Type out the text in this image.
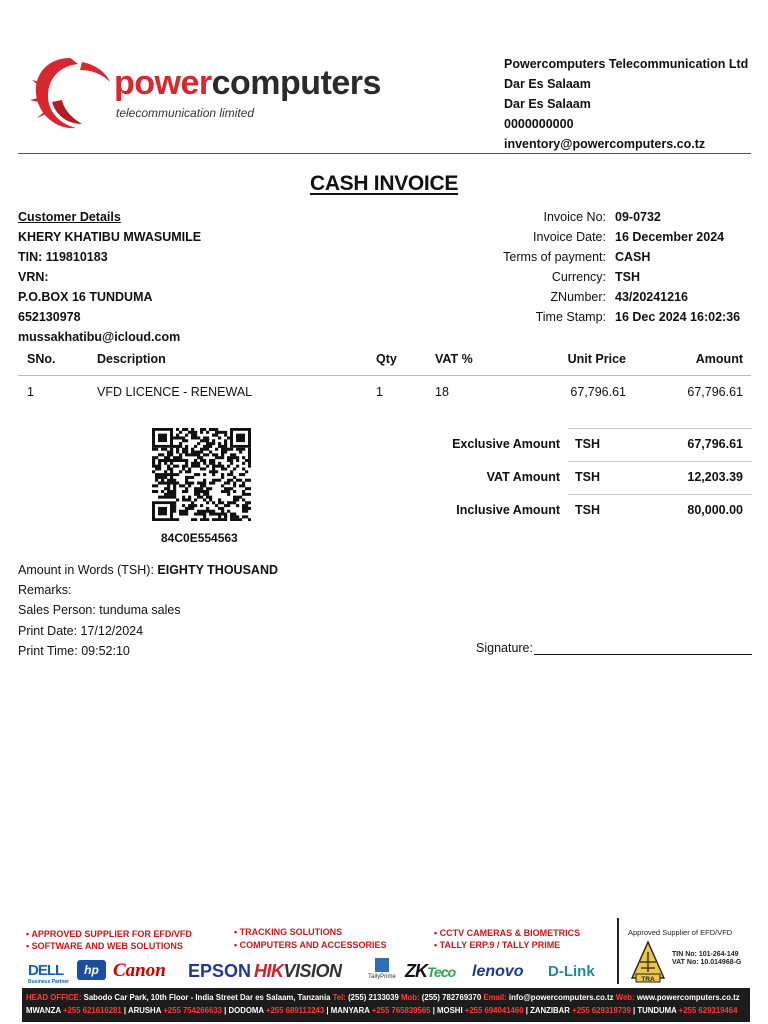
powercomputers
telecommunication limited
Powercomputers Telecommunication Ltd
Dar Es Salaam
Dar Es Salaam
0000000000
inventory@powercomputers.co.tz
CASH INVOICE
Customer Details
KHERY KHATIBU MWASUMILE
TIN: 119810183
VRN:
P.O.BOX 16 TUNDUMA
652130978
mussakhatibu@icloud.com
Invoice No: 09-0732
Invoice Date: 16 December 2024
Terms of payment: CASH
Currency: TSH
ZNumber: 43/20241216
Time Stamp: 16 Dec 2024 16:02:36
SNo.	Description	Qty	VAT %	Unit Price	Amount
1	VFD LICENCE - RENEWAL	1	18	67,796.61	67,796.61
84C0E554563
Exclusive Amount TSH	67,796.61
VAT Amount TSH	12,203.39
Inclusive Amount TSH	80,000.00
Amount in Words (TSH): EIGHTY THOUSAND
Remarks:
Sales Person: tunduma sales
Print Date: 17/12/2024
Print Time: 09:52:10	Signature:
• APPROVED SUPPLIER FOR EFD/VFD
• SOFTWARE AND WEB SOLUTIONS
• TRACKING SOLUTIONS
• COMPUTERS AND ACCESSORIES
• CCTV CAMERAS & BIOMETRICS
• TALLY ERP.9 / TALLY PRIME
Approved Supplier of EFD/VFD
TRA
TIN No: 101-264-149
VAT No: 10.014968-G
DELL
Business Partner
hp Canon EPSON HIKVISION	TallyPrime ZKTeco lenovo D-Link
HEAD OFFICE: Sabodo Car Park, 10th Floor - India Street Dar es Salaam, Tanzania Tel: (255) 2133039 Mob: (255) 782769370 Email: info@powercomputers.co.tz Web: www.powercomputers.co.tz
MWANZA +255 621616281 | ARUSHA +255 754266633 | DODOMA +255 689113243 | MANYARA +255 765839565 | MOSHI +255 694041460 | ZANZIBAR +255 629319739 | TUNDUMA +255 629319464
